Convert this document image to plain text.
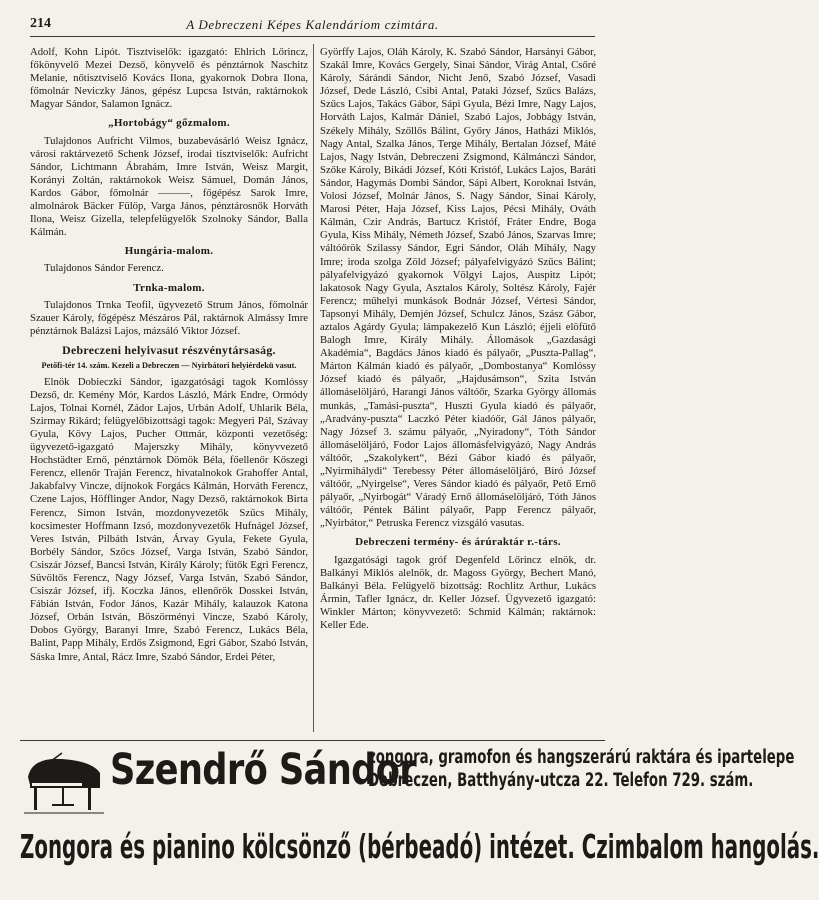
214	A Debreczeni Képes Kalendáriom czimtára.

Adolf, Kohn Lipót. Tisztviselők: igazgató: Ehlrich Lőrincz, főkönyvelő Mezei Dezső, könyvelő és pénztárnok Naschitz Melanie, nőtisztviselő Kovács Ilona, gyakornok Dobra Ilona, főmolnár Neviczky János, gépész Lupcsa István, raktárnokok Magyar Sándor, Salamon Ignácz.

„Hortobágy“ gőzmalom.

Tulajdonos Aufricht Vilmos, buzabevásárló Weisz Ignácz, városi raktárvezető Schenk József, irodai tisztviselők: Aufricht Sándor, Lichtmann Ábrahám, Imre István, Weisz Margit, Korányi Zoltán, raktárnokok Weisz Sámuel, Domán János, Kardos Gábor, főmolnár ———, főgépész Sarok Imre, almolnárok Bäcker Fülöp, Varga János, pénztárosnők Horváth Ilona, Weisz Gizella, telepfelügyelők Szolnoky Sándor, Balla Kálmán.

Hungária-malom.

Tulajdonos Sándor Ferencz.

Trnka-malom.

Tulajdonos Trnka Teofil, ügyvezető Strum János, főmolnár Szauer Károly, főgépész Mészáros Pál, raktárnok Almássy Imre pénztárnok Balázsi Lajos, mázsáló Viktor József.

Debreczeni helyivasut részvénytársaság.
Petőfi-tér 14. szám. Kezeli a Debreczen — Nyirbátori helyiérdekü vasut.

Elnök Dobieczki Sándor, igazgatósági tagok Komlóssy Dezső, dr. Kemény Mór, Kardos László, Márk Endre, Ormódy Lajos, Tolnai Kornél, Zádor Lajos, Urbán Adolf, Uhlarik Béla, Szirmay Rikárd; felügyelőbizottsági tagok: Megyeri Pál, Szávay Gyula, Kövy Lajos, Pucher Ottmár, központi vezetőség: ügyvezető-igazgató Majerszky Mihály, könyvvezető Hochstädter Ernő, pénztárnok Dömök Béla, főellenőr Kőszegi Ferencz, ellenőr Traján Ferencz, hivatalnokok Grahoffer Antal, Jakabfalvy Vincze, díjnokok Forgács Kálmán, Horváth Ferencz, Czene Lajos, Höfflinger Andor, Nagy Dezső, raktárnokok Birta Ferencz, Simon István, mozdonyvezetők Szűcs Mihály, kocsimester Hoffmann Izsó, mozdonyvezetők Hufnágel József, Veres István, Pilbáth István, Árvay Gyula, Fekete Gyula, Borbély Sándor, Szőcs József, Varga István, Szabó Sándor, Csiszár József, Bancsi István, Király Károly; fütők Egri Ferencz, Süvöltős Ferencz, Nagy József, Varga István, Szabó Sándor, Csiszár József, ifj. Koczka János, ellenőrök Dosskei István, Fábián István, Fodor János, Kazár Mihály, kalauzok Katona József, Orbán István, Böszörményi Vincze, Szabó Károly, Dobos György, Baranyi Imre, Szabó Ferencz, Lukács Béla, Balint, Papp Mihály, Erdős Zsigmond, Egri Gábor, Szabó István, Sáska Imre, Antal, Rácz Imre, Szabó Sándor, Erdei Péter,

Györffy Lajos, Oláh Károly, K. Szabó Sándor, Harsányi Gábor, Szakál Imre, Kovács Gergely, Sinai Sándor, Virág Antal, Csőré Károly, Sárándi Sándor, Nicht Jenő, Szabó József, Vasadi József, Dede László, Csibi Antal, Pataki József, Szűcs Balázs, Szűcs Lajos, Takács Gábor, Sápi Gyula, Bézi Imre, Nagy Lajos, Horváth Lajos, Kalmár Dániel, Szabó Lajos, Jobbágy István, Székely Mihály, Szőllős Bálint, Győry János, Hatházi Miklós, Nagy Antal, Szalka János, Terge Mihály, Bertalan József, Máté Lajos, Nagy István, Debreczeni Zsigmond, Kálmánczi Sándor, Szőke Károly, Bikádi József, Kóti Kristóf, Lukács Lajos, Baráti Sándor, Hagymás Dombi Sándor, Sápi Albert, Koroknai István, Volosi József, Molnár János, S. Nagy Sándor, Sinai Károly, Marosi Péter, Haja József, Kiss Lajos, Pécsi Mihály, Ováth Kálmán, Czir András, Bartucz Kristóf, Fráter Endre, Boga Gyula, Kiss Mihály, Németh József, Szabó János, Szarvas Imre; váltóőrök Szilassy Sándor, Egri Sándor, Oláh Mihály, Nagy Imre; iroda szolga Zöld József; pályafelvigyázó Szűcs Bálint; pályafelvigyázó gyakornok Völgyi Lajos, Auspitz Lipót; lakatosok Nagy Gyula, Asztalos Károly, Soltész Károly, Fajér Ferencz; műhelyi munkások Bodnár József, Vértesi Sándor, Tapsonyi Mihály, Demjén József, Schulcz János, Szász Gábor, aztalos Agárdy Gyula; lámpakezelő Kun László; éjjeli elöfütő Balogh Imre, Király Mihály. Állomások „Gazdasági Akadémia“, Bagdács János kiadó és pályaőr, „Puszta-Pallag“, Márton Kálmán kiadó és pályaőr, „Dombostanya“ Komlóssy József kiadó és pályaőr, „Hajdusámson“, Szita István állomáselöljáró, Harangi János váltóőr, Szarka György állomás munkás, „Tamási-puszta“, Huszti Gyula kiadó és pályaőr, „Aradvány-puszta“ Laczkó Péter kiadóőr, Gál János pályaőr, Nagy József 3. számu pályaőr, „Nyiradony“, Tóth Sándor állomáselöljáró, Fodor Lajos állomásfelvigyázó, Nagy András váltóőr, „Szakolykert“, Bézi Gábor kiadó és pályaőr, „Nyirmihálydi“ Terebessy Péter állomáselöljáró, Biró József váltóőr, „Nyirgelse“, Veres Sándor kiadó és pályaőr, Pető Ernő pályaőr, „Nyirbogát“ Váradý Ernő állomáselöljáró, Tóth János váltóőr, Péntek Bálint pályaőr, Papp Ferencz pályaőr, „Nyirbátor,“ Petruska Ferencz vizsgáló vasutas.

Debreczeni termény- és árúraktár r.-társ.

Igazgatósági tagok gróf Degenfeld Lőrincz elnök, dr. Balkányi Miklós alelnök, dr. Magoss György, Bechert Manó, Balkányi Béla. Felügyelő bizottság: Rochlitz Arthur, Lukács Ármin, Tafler Ignácz, dr. Keller József. Ügyvezető igazgató: Winkler Márton; könyvvezető: Schmid Kálmán; raktárnok: Keller Ede.

Szendrő Sándor
zongora, gramofon és hangszerárú raktára és ipartelepe
Debreczen, Batthyány-utcza 22. Telefon 729. szám.
Zongora és pianino kölcsönző (bérbeadó) intézet. Czimbalom hangolás.
